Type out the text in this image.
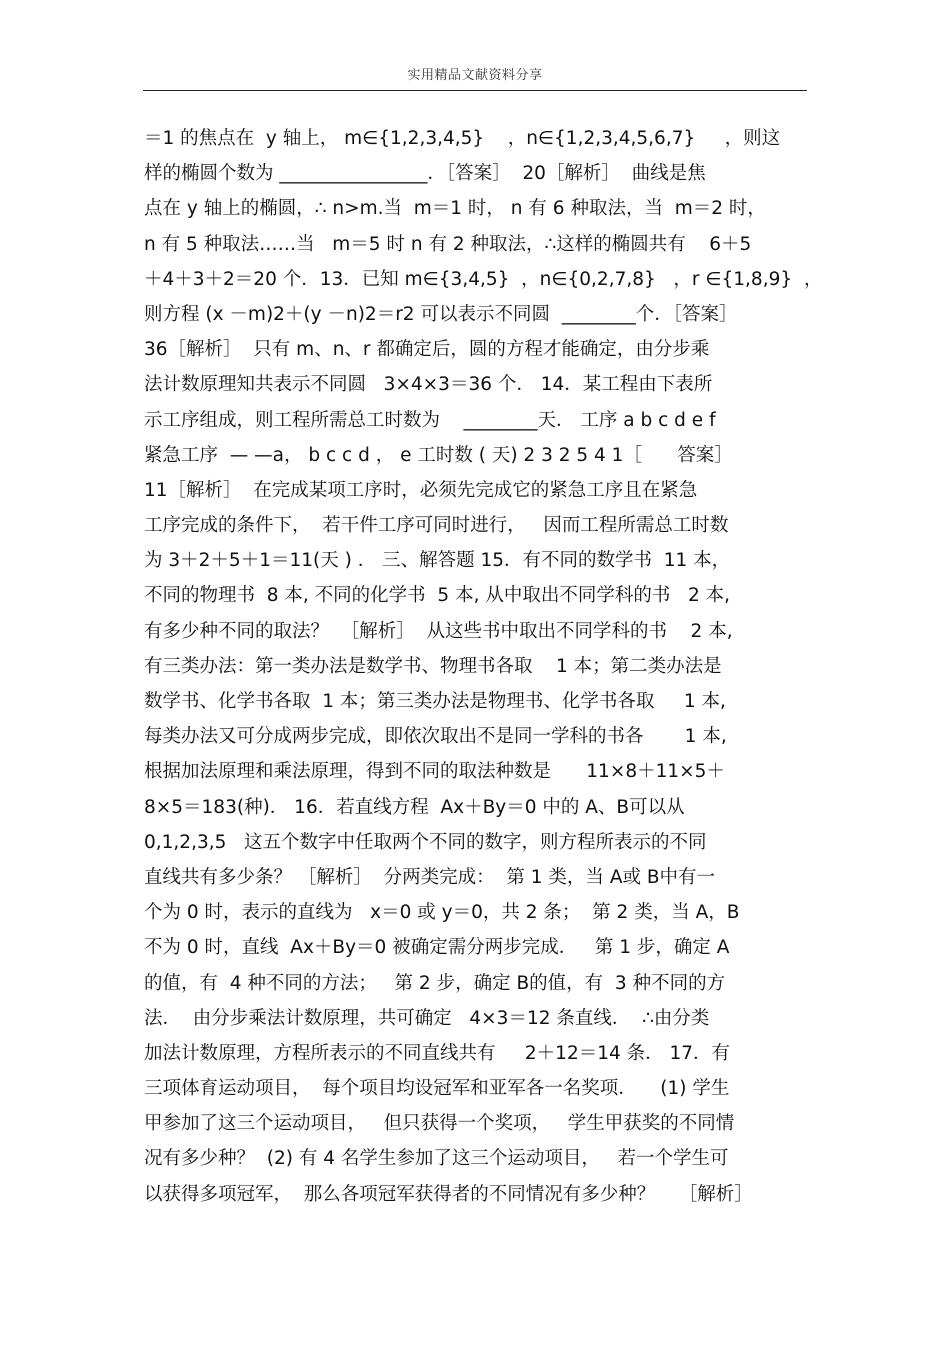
实用精品文献资料分享
＝1 的焦点在  y 轴上， m∈{1,2,3,4,5}    ，n∈{1,2,3,4,5,6,7}     ，则这
样的椭圆个数为 ________________．［答案］  20［解析］  曲线是焦
点在 y 轴上的椭圆，∴ n>m.当  m＝1 时， n 有 6 种取法，当  m＝2 时，
n 有 5 种取法……当   m＝5 时 n 有 2 种取法，∴这样的椭圆共有    6＋5
＋4＋3＋2＝20 个．13．已知 m∈{3,4,5}  ，n∈{0,2,7,8}   ，r ∈{1,8,9}  ，
则方程 (x －m)2＋(y －n)2＝r2 可以表示不同圆  ________个．［答案］
36［解析］  只有 m、n、r 都确定后，圆的方程才能确定，由分步乘
法计数原理知共表示不同圆   3×4×3＝36 个． 14．某工程由下表所
示工序组成，则工程所需总工时数为    ________天． 工序 a b c d e f
紧急工序  — —a， b c c d ， e 工时数 ( 天) 2 3 2 5 4 1［      答案］
11［解析］  在完成某项工序时，必须先完成它的紧急工序且在紧急
工序完成的条件下，  若干件工序可同时进行，   因而工程所需总工时数
为 3＋2＋5＋1＝11(天 ) ． 三、解答题 15．有不同的数学书  11 本，
不同的物理书  8 本, 不同的化学书  5 本, 从中取出不同学科的书   2 本,
有多少种不同的取法？  ［解析］  从这些书中取出不同学科的书    2 本,
有三类办法：第一类办法是数学书、物理书各取    1 本；第二类办法是
数学书、化学书各取  1 本；第三类办法是物理书、化学书各取     1 本,
每类办法又可分成两步完成，即依次取出不是同一学科的书各       1 本,
根据加法原理和乘法原理，得到不同的取法种数是      11×8＋11×5＋
8×5＝183(种)． 16．若直线方程  Ax＋By＝0 中的 A、B可以从
0,1,2,3,5   这五个数字中任取两个不同的数字，则方程所表示的不同
直线共有多少条？ ［解析］  分两类完成：  第 1 类，当 A或 B中有一
个为 0 时，表示的直线为   x＝0 或 y＝0，共 2 条；  第 2 类，当 A，B
不为 0 时，直线  Ax＋By＝0 被确定需分两步完成．   第 1 步，确定 A
的值，有  4 种不同的方法；   第 2 步，确定 B的值，有  3 种不同的方
法．  由分步乘法计数原理，共可确定   4×3＝12 条直线．  ∴由分类
加法计数原理，方程所表示的不同直线共有     2＋12＝14 条． 17．有
三项体育运动项目，  每个项目均设冠军和亚军各一名奖项．    (1) 学生
甲参加了这三个运动项目，   但只获得一个奖项，   学生甲获奖的不同情
况有多少种？  (2) 有 4 名学生参加了这三个运动项目，   若一个学生可
以获得多项冠军，  那么各项冠军获得者的不同情况有多少种？    ［解析］
